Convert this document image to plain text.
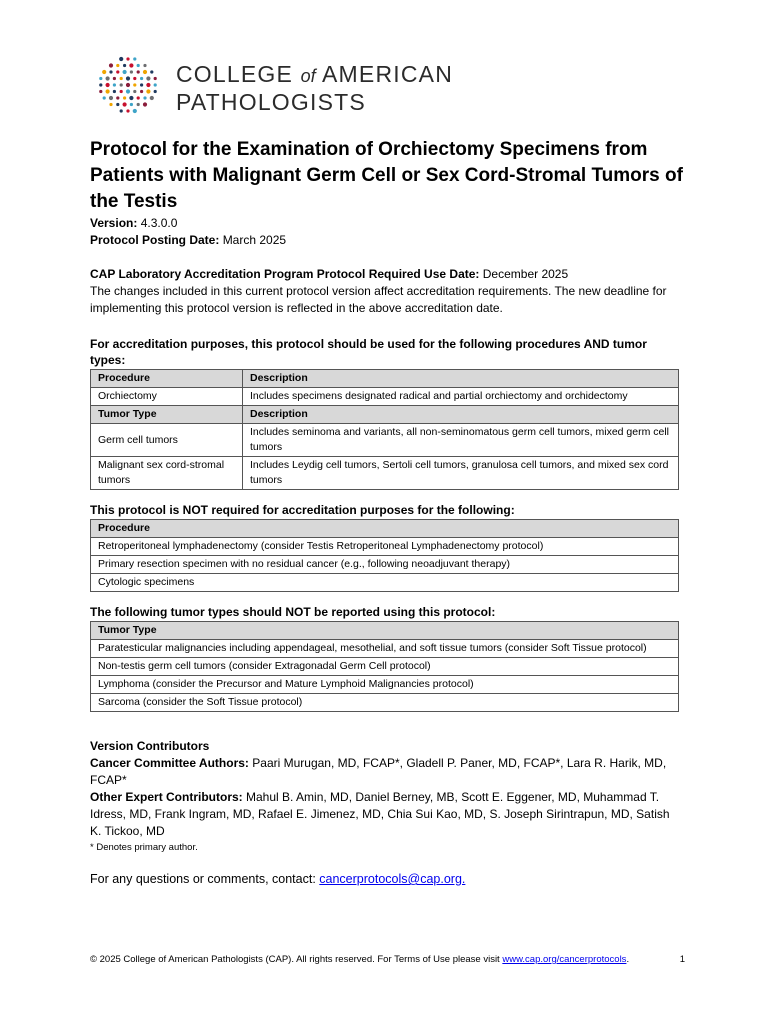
COLLEGE of AMERICAN
PATHOLOGISTS
Protocol for the Examination of Orchiectomy Specimens from Patients with Malignant Germ Cell or Sex Cord-Stromal Tumors of the Testis
Version: 4.3.0.0
Protocol Posting Date: March 2025
CAP Laboratory Accreditation Program Protocol Required Use Date: December 2025
The changes included in this current protocol version affect accreditation requirements. The new deadline for implementing this protocol version is reflected in the above accreditation date.

For accreditation purposes, this protocol should be used for the following procedures AND tumor types:

Procedure	Description
Orchiectomy	Includes specimens designated radical and partial orchiectomy and orchidectomy
Tumor Type	Description
Germ cell tumors	Includes seminoma and variants, all non-seminomatous germ cell tumors, mixed germ cell tumors
Malignant sex cord-stromal tumors	Includes Leydig cell tumors, Sertoli cell tumors, granulosa cell tumors, and mixed sex cord tumors

This protocol is NOT required for accreditation purposes for the following:

Procedure
Retroperitoneal lymphadenectomy (consider Testis Retroperitoneal Lymphadenectomy protocol)
Primary resection specimen with no residual cancer (e.g., following neoadjuvant therapy)
Cytologic specimens

The following tumor types should NOT be reported using this protocol:

Tumor Type
Paratesticular malignancies including appendageal, mesothelial, and soft tissue tumors (consider Soft Tissue protocol)
Non-testis germ cell tumors (consider Extragonadal Germ Cell protocol)
Lymphoma (consider the Precursor and Mature Lymphoid Malignancies protocol)
Sarcoma (consider the Soft Tissue protocol)

Version Contributors

Cancer Committee Authors: Paari Murugan, MD, FCAP*, Gladell P. Paner, MD, FCAP*, Lara R. Harik, MD, FCAP*

Other Expert Contributors: Mahul B. Amin, MD, Daniel Berney, MB, Scott E. Eggener, MD, Muhammad T. Idress, MD, Frank Ingram, MD, Rafael E. Jimenez, MD, Chia Sui Kao, MD, S. Joseph Sirintrapun, MD, Satish K. Tickoo, MD

* Denotes primary author.

For any questions or comments, contact: cancerprotocols@cap.org.
© 2025 College of American Pathologists (CAP). All rights reserved. For Terms of Use please visit www.cap.org/cancerprotocols.	1
